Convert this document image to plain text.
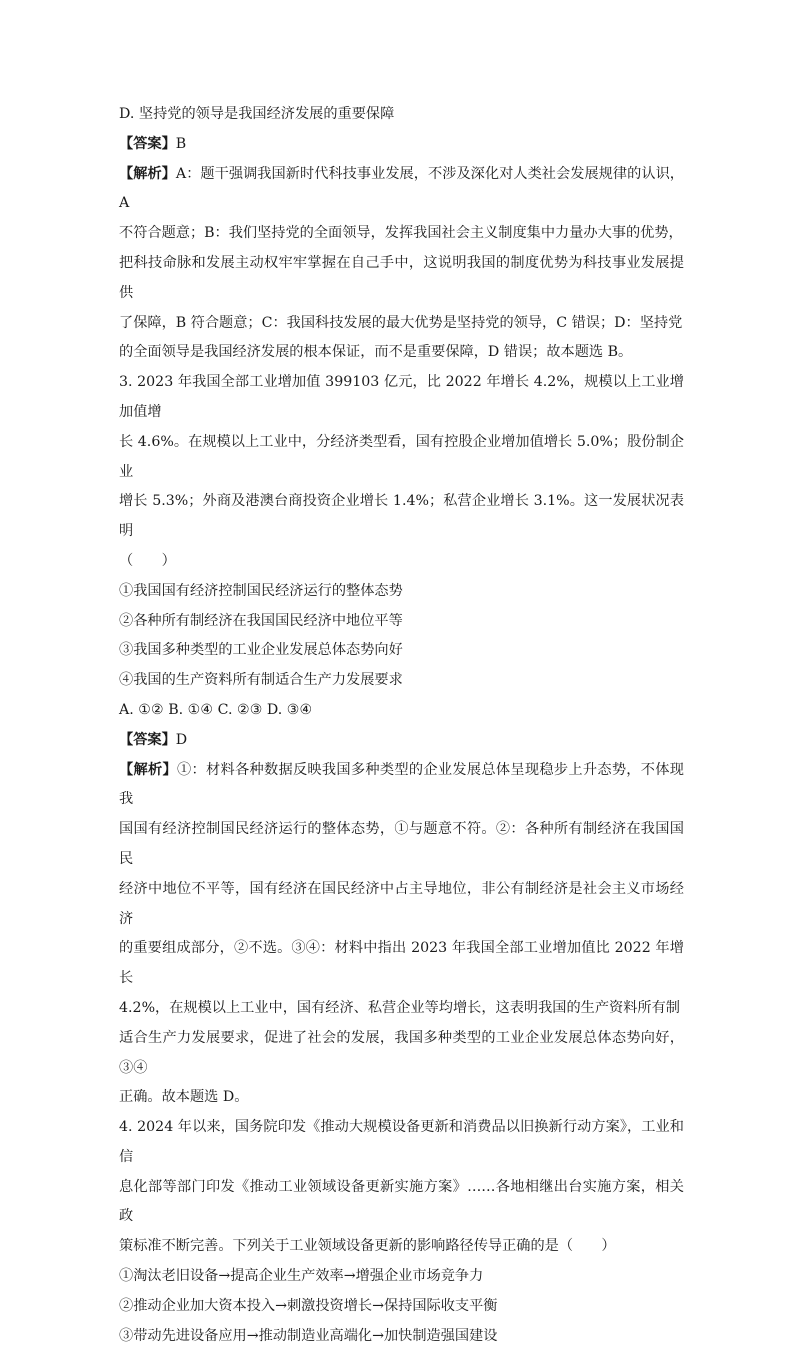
D. 坚持党的领导是我国经济发展的重要保障

【答案】B

【解析】A：题干强调我国新时代科技事业发展，不涉及深化对人类社会发展规律的认识，A

不符合题意；B：我们坚持党的全面领导，发挥我国社会主义制度集中力量办大事的优势，

把科技命脉和发展主动权牢牢掌握在自己手中，这说明我国的制度优势为科技事业发展提供

了保障，B 符合题意；C：我国科技发展的最大优势是坚持党的领导，C 错误；D：坚持党

的全面领导是我国经济发展的根本保证，而不是重要保障，D 错误；故本题选 B。

3. 2023 年我国全部工业增加值 399103 亿元，比 2022 年增长 4.2%，规模以上工业增加值增

长 4.6%。在规模以上工业中，分经济类型看，国有控股企业增加值增长 5.0%；股份制企业

增长 5.3%；外商及港澳台商投资企业增长 1.4%；私营企业增长 3.1%。这一发展状况表明

（　　）

①我国国有经济控制国民经济运行的整体态势

②各种所有制经济在我国国民经济中地位平等

③我国多种类型的工业企业发展总体态势向好

④我国的生产资料所有制适合生产力发展要求

A. ①② B. ①④ C. ②③ D. ③④

【答案】D

【解析】①：材料各种数据反映我国多种类型的企业发展总体呈现稳步上升态势，不体现我

国国有经济控制国民经济运行的整体态势，①与题意不符。②：各种所有制经济在我国国民

经济中地位不平等，国有经济在国民经济中占主导地位，非公有制经济是社会主义市场经济

的重要组成部分，②不选。③④：材料中指出 2023 年我国全部工业增加值比 2022 年增长

4.2%，在规模以上工业中，国有经济、私营企业等均增长，这表明我国的生产资料所有制

适合生产力发展要求，促进了社会的发展，我国多种类型的工业企业发展总体态势向好，③④

正确。故本题选 D。

4. 2024 年以来，国务院印发《推动大规模设备更新和消费品以旧换新行动方案》，工业和信

息化部等部门印发《推动工业领域设备更新实施方案》……各地相继出台实施方案，相关政

策标准不断完善。下列关于工业领域设备更新的影响路径传导正确的是（　　）

①淘汰老旧设备→提高企业生产效率→增强企业市场竞争力

②推动企业加大资本投入→刺激投资增长→保持国际收支平衡

③带动先进设备应用→推动制造业高端化→加快制造强国建设
